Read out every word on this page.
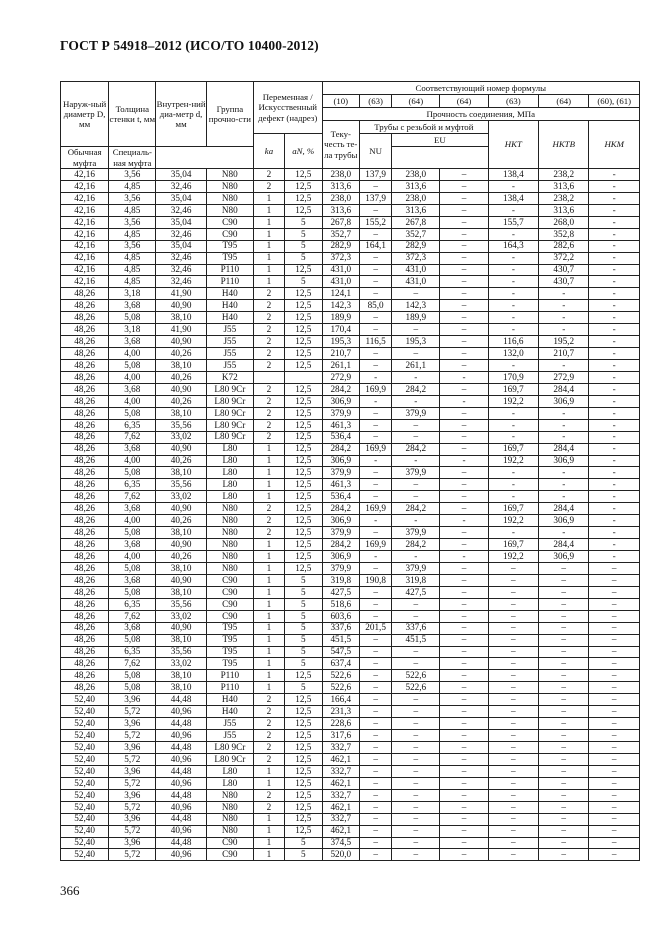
ГОСТ Р 54918–2012 (ИСО/ТО 10400-2012)
Наруж-ный диаметр D, мм	Толщина стенки t, мм	Внутрен-ний диа-метр d, мм	Группа прочно-сти	Переменная /Искусственный дефект (надрез)		Соответствующий номер формулы						
						(10)	(63)	(64)	(64)	(63)	(64)	(60), (61)
						Прочность соединения, МПа						
						Теку-честь те-ла трубы	Трубы с резьбой и муфтой			НКТ	НКТВ	НКМ
				ka	aN, %		NU	EU				
Обычная муфта	Специаль-ная муфта											
42,16	3,56	35,04	N80	2	12,5	238,0	137,9	238,0	–	138,4	238,2	-
42,16	4,85	32,46	N80	2	12,5	313,6	–	313,6	–	-	313,6	-
42,16	3,56	35,04	N80	1	12,5	238,0	137,9	238,0	–	138,4	238,2	-
42,16	4,85	32,46	N80	1	12,5	313,6	–	313,6	–	-	313,6	-
42,16	3,56	35,04	C90	1	5	267,8	155,2	267,8	–	155,7	268,0	-
42,16	4,85	32,46	C90	1	5	352,7	–	352,7	–	-	352,8	-
42,16	3,56	35,04	T95	1	5	282,9	164,1	282,9	–	164,3	282,6	-
42,16	4,85	32,46	T95	1	5	372,3	–	372,3	–	-	372,2	-
42,16	4,85	32,46	P110	1	12,5	431,0	–	431,0	–	-	430,7	-
42,16	4,85	32,46	P110	1	5	431,0	–	431,0	–	-	430,7	-
48,26	3,18	41,90	H40	2	12,5	124,1	–	–	–	-	-	-
48,26	3,68	40,90	H40	2	12,5	142,3	85,0	142,3	–	-	-	-
48,26	5,08	38,10	H40	2	12,5	189,9	–	189,9	–	-	-	-
48,26	3,18	41,90	J55	2	12,5	170,4	–	–	–	-	-	-
48,26	3,68	40,90	J55	2	12,5	195,3	116,5	195,3	–	116,6	195,2	-
48,26	4,00	40,26	J55	2	12,5	210,7	–	–	–	132,0	210,7	-
48,26	5,08	38,10	J55	2	12,5	261,1	–	261,1	–	-	-	-
48,26	4,00	40,26	K72			272,9	-	-	-	170,9	272,9	-
48,26	3,68	40,90	L80 9Cr	2	12,5	284,2	169,9	284,2	–	169,7	284,4	-
48,26	4,00	40,26	L80 9Cr	2	12,5	306,9	-	-	-	192,2	306,9	-
48,26	5,08	38,10	L80 9Cr	2	12,5	379,9	–	379,9	–	-	-	-
48,26	6,35	35,56	L80 9Cr	2	12,5	461,3	–	–	–	-	-	-
48,26	7,62	33,02	L80 9Cr	2	12,5	536,4	–	–	–	-	-	-
48,26	3,68	40,90	L80	1	12,5	284,2	169,9	284,2	–	169,7	284,4	-
48,26	4,00	40,26	L80	1	12,5	306,9	-	-	-	192,2	306,9	-
48,26	5,08	38,10	L80	1	12,5	379,9	–	379,9	–	-	-	-
48,26	6,35	35,56	L80	1	12,5	461,3	–	–	–	-	-	-
48,26	7,62	33,02	L80	1	12,5	536,4	–	–	–	-	-	-
48,26	3,68	40,90	N80	2	12,5	284,2	169,9	284,2	–	169,7	284,4	-
48,26	4,00	40,26	N80	2	12,5	306,9	-	-	-	192,2	306,9	-
48,26	5,08	38,10	N80	2	12,5	379,9	–	379,9	–	-	-	-
48,26	3,68	40,90	N80	1	12,5	284,2	169,9	284,2	–	169,7	284,4	-
48,26	4,00	40,26	N80	1	12,5	306,9	-	-	-	192,2	306,9	-
48,26	5,08	38,10	N80	1	12,5	379,9	–	379,9	–	–	–	–
48,26	3,68	40,90	C90	1	5	319,8	190,8	319,8	–	–	–	–
48,26	5,08	38,10	C90	1	5	427,5	–	427,5	–	–	–	–
48,26	6,35	35,56	C90	1	5	518,6	–	–	–	–	–	–
48,26	7,62	33,02	C90	1	5	603,6	–	–	–	–	–	–
48,26	3,68	40,90	T95	1	5	337,6	201,5	337,6	–	–	–	–
48,26	5,08	38,10	T95	1	5	451,5	–	451,5	–	–	–	–
48,26	6,35	35,56	T95	1	5	547,5	–	–	–	–	–	–
48,26	7,62	33,02	T95	1	5	637,4	–	–	–	–	–	–
48,26	5,08	38,10	P110	1	12,5	522,6	–	522,6	–	–	–	–
48,26	5,08	38,10	P110	1	5	522,6	–	522,6	–	–	–	–
52,40	3,96	44,48	H40	2	12,5	166,4	–	–	–	–	–	–
52,40	5,72	40,96	H40	2	12,5	231,3	–	–	–	–	–	–
52,40	3,96	44,48	J55	2	12,5	228,6	–	–	–	–	–	–
52,40	5,72	40,96	J55	2	12,5	317,6	–	–	–	–	–	–
52,40	3,96	44,48	L80 9Cr	2	12,5	332,7	–	–	–	–	–	–
52,40	5,72	40,96	L80 9Cr	2	12,5	462,1	–	–	–	–	–	–
52,40	3,96	44,48	L80	1	12,5	332,7	–	–	–	–	–	–
52,40	5,72	40,96	L80	1	12,5	462,1	–	–	–	–	–	–
52,40	3,96	44,48	N80	2	12,5	332,7	–	–	–	–	–	–
52,40	5,72	40,96	N80	2	12,5	462,1	–	–	–	–	–	–
52,40	3,96	44,48	N80	1	12,5	332,7	–	–	–	–	–	–
52,40	5,72	40,96	N80	1	12,5	462,1	–	–	–	–	–	–
52,40	3,96	44,48	C90	1	5	374,5	–	–	–	–	–	–
52,40	5,72	40,96	C90	1	5	520,0	–	–	–	–	–	–
366
